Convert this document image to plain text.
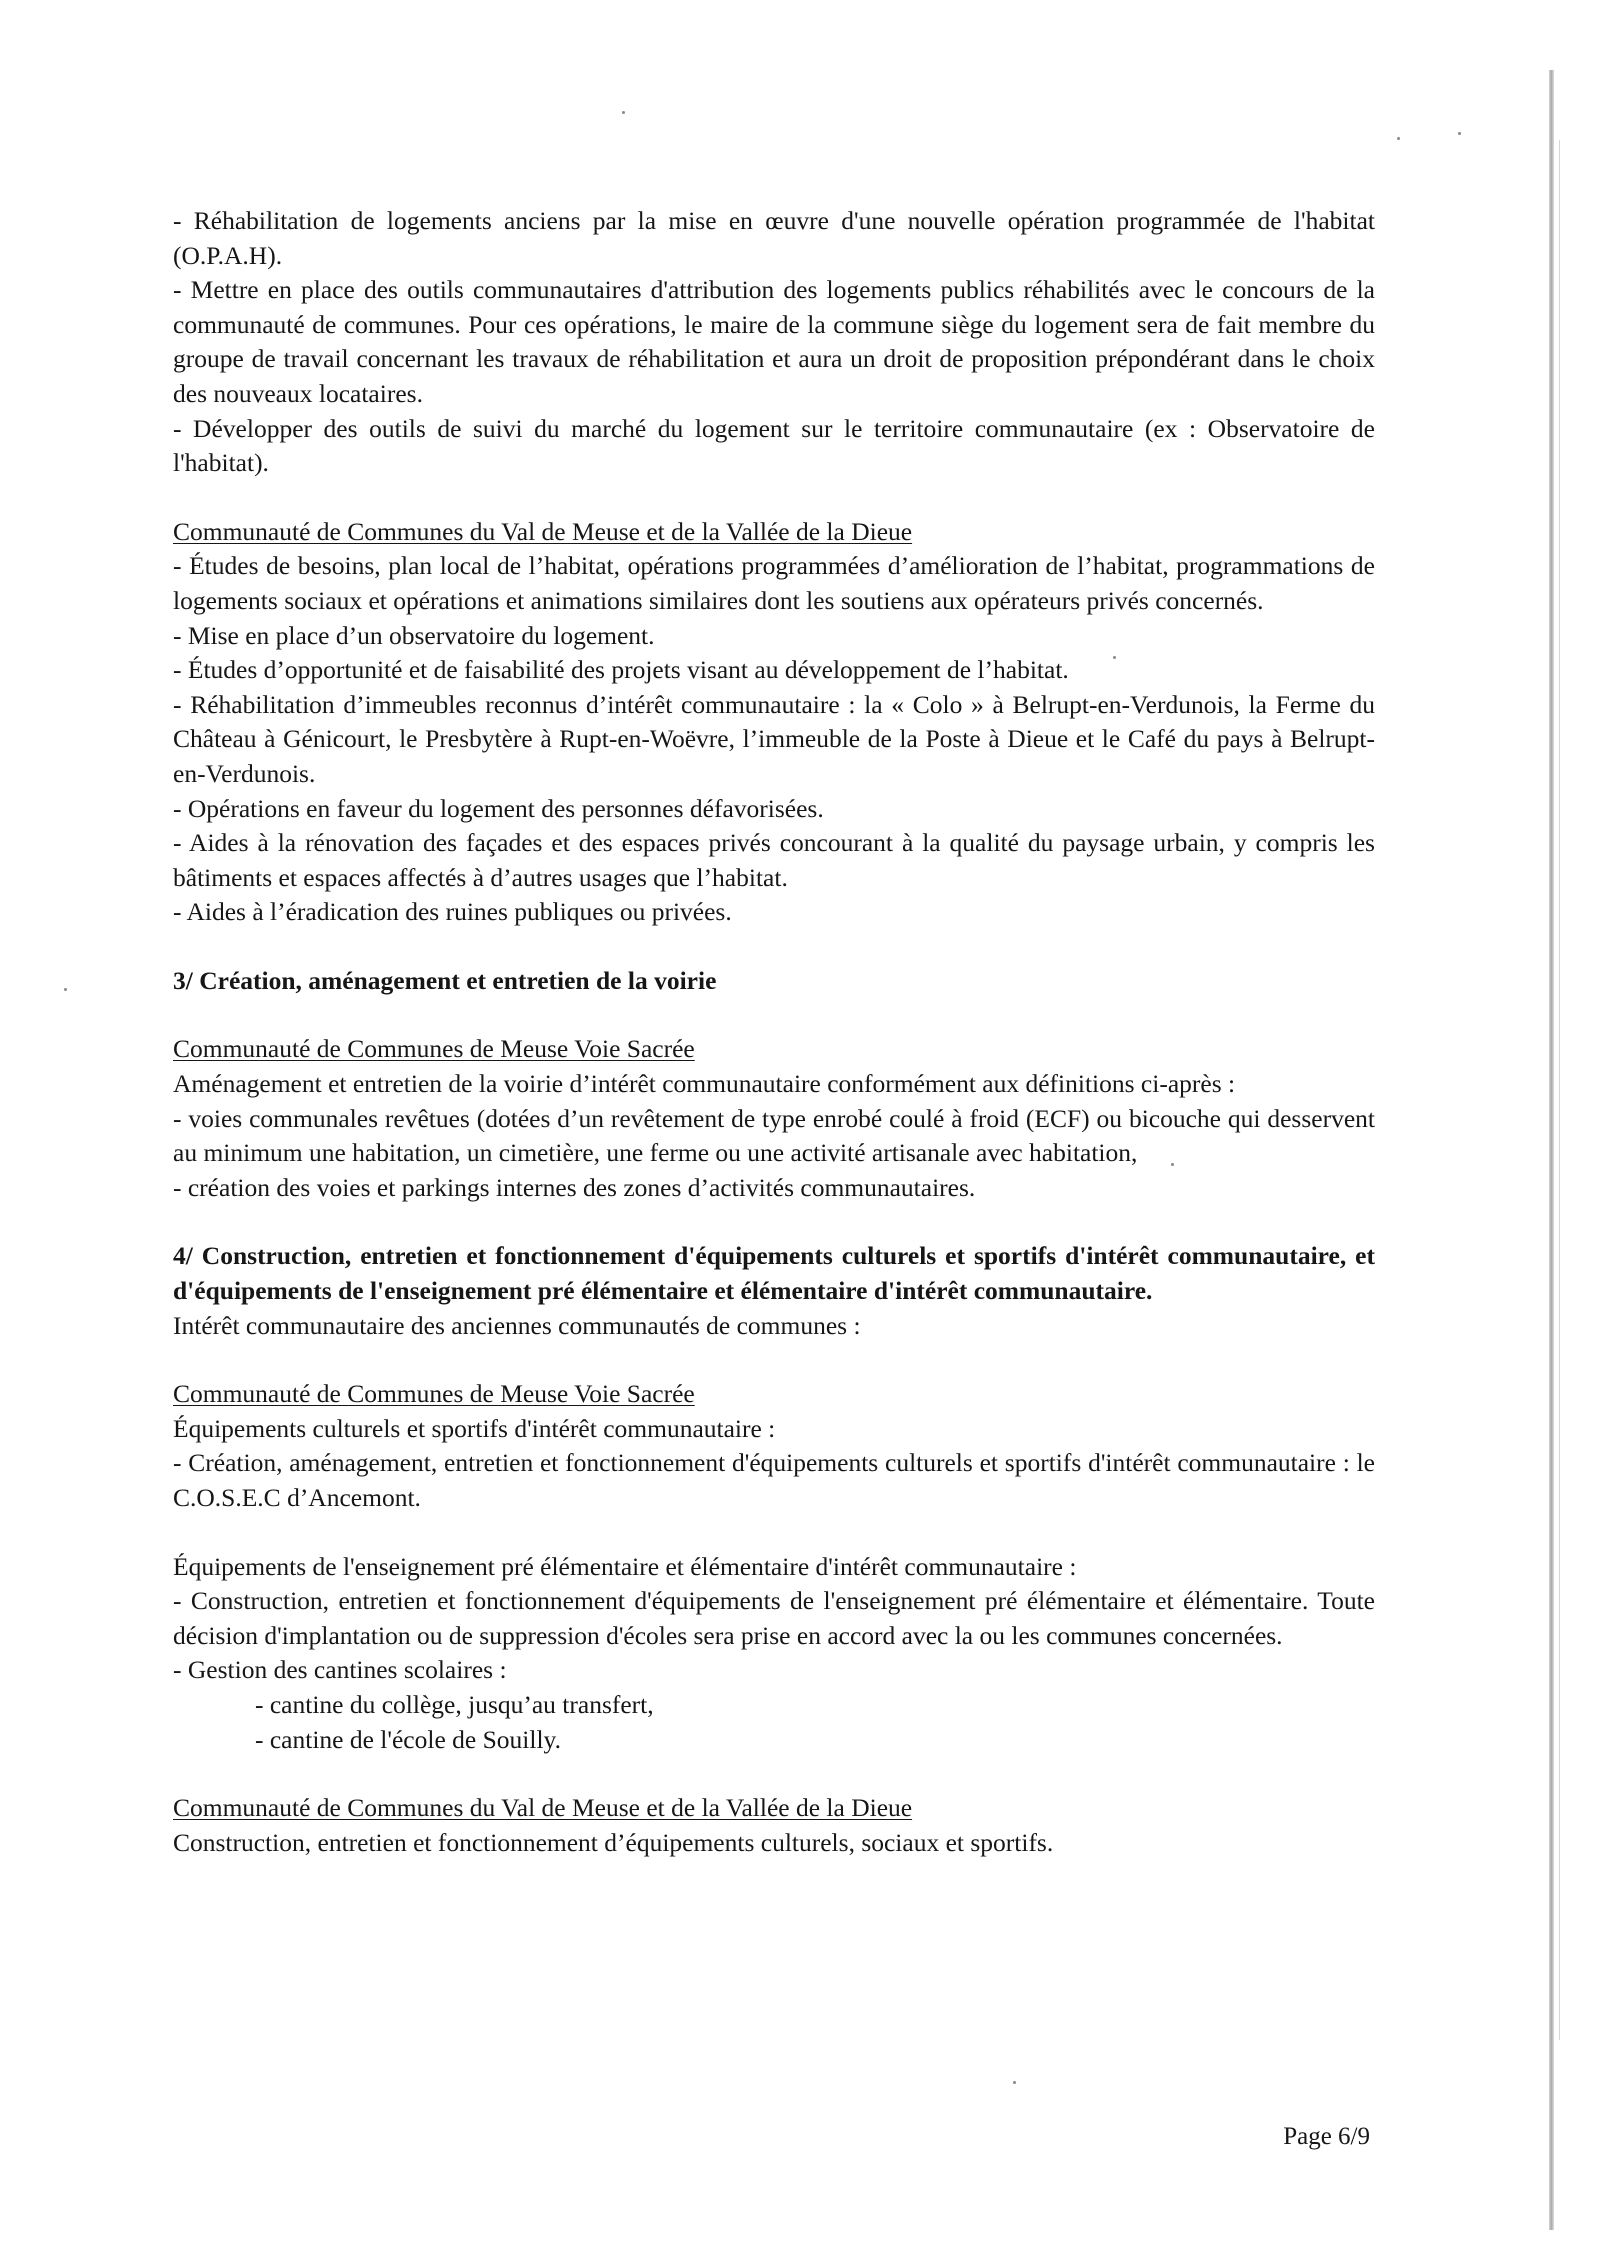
- Réhabilitation de logements anciens par la mise en œuvre d'une nouvelle opération programmée de l'habitat (O.P.A.H).

- Mettre en place des outils communautaires d'attribution des logements publics réhabilités avec le concours de la communauté de communes. Pour ces opérations, le maire de la commune siège du logement sera de fait membre du groupe de travail concernant les travaux de réhabilitation et aura un droit de proposition prépondérant dans le choix des nouveaux locataires.

- Développer des outils de suivi du marché du logement sur le territoire communautaire (ex : Observatoire de l'habitat).

Communauté de Communes du Val de Meuse et de la Vallée de la Dieue

- Études de besoins, plan local de l’habitat, opérations programmées d’amélioration de l’habitat, programmations de logements sociaux et opérations et animations similaires dont les soutiens aux opérateurs privés concernés.

- Mise en place d’un observatoire du logement.

- Études d’opportunité et de faisabilité des projets visant au développement de l’habitat.

- Réhabilitation d’immeubles reconnus d’intérêt communautaire : la « Colo » à Belrupt-en-Verdunois, la Ferme du Château à Génicourt, le Presbytère à Rupt-en-Woëvre, l’immeuble de la Poste à Dieue et le Café du pays à Belrupt-en-Verdunois.

- Opérations en faveur du logement des personnes défavorisées.

- Aides à la rénovation des façades et des espaces privés concourant à la qualité du paysage urbain, y compris les bâtiments et espaces affectés à d’autres usages que l’habitat.

- Aides à l’éradication des ruines publiques ou privées.

3/ Création, aménagement et entretien de la voirie

Communauté de Communes de Meuse Voie Sacrée

Aménagement et entretien de la voirie d’intérêt communautaire conformément aux définitions ci-après :

- voies communales revêtues (dotées d’un revêtement de type enrobé coulé à froid (ECF) ou bicouche qui desservent au minimum une habitation, un cimetière, une ferme ou une activité artisanale avec habitation,

- création des voies et parkings internes des zones d’activités communautaires.

4/ Construction, entretien et fonctionnement d'équipements culturels et sportifs d'intérêt communautaire, et d'équipements de l'enseignement pré élémentaire et élémentaire d'intérêt communautaire.

Intérêt communautaire des anciennes communautés de communes :

Communauté de Communes de Meuse Voie Sacrée

Équipements culturels et sportifs d'intérêt communautaire :

- Création, aménagement, entretien et fonctionnement d'équipements culturels et sportifs d'intérêt communautaire : le C.O.S.E.C d’Ancemont.

Équipements de l'enseignement pré élémentaire et élémentaire d'intérêt communautaire :

- Construction, entretien et fonctionnement d'équipements de l'enseignement pré élémentaire et élémentaire. Toute décision d'implantation ou de suppression d'écoles sera prise en accord avec la ou les communes concernées.

- Gestion des cantines scolaires :

- cantine du collège, jusqu’au transfert,

- cantine de l'école de Souilly.

Communauté de Communes du Val de Meuse et de la Vallée de la Dieue

Construction, entretien et fonctionnement d’équipements culturels, sociaux et sportifs.

Page 6/9
